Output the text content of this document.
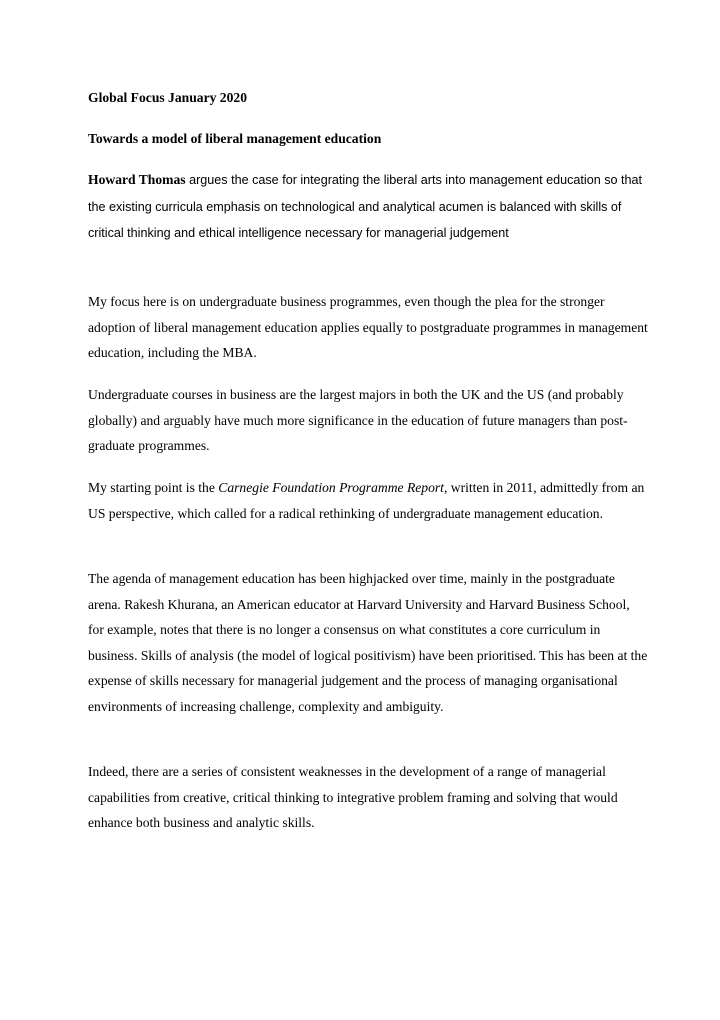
Global Focus January 2020

Towards a model of liberal management education

Howard Thomas argues the case for integrating the liberal arts into management education so that the existing curricula emphasis on technological and analytical acumen is balanced with skills of critical thinking and ethical intelligence necessary for managerial judgement

My focus here is on undergraduate business programmes, even though the plea for the stronger adoption of liberal management education applies equally to postgraduate programmes in management education, including the MBA.

Undergraduate courses in business are the largest majors in both the UK and the US (and probably globally) and arguably have much more significance in the education of future managers than post-graduate programmes.

My starting point is the Carnegie Foundation Programme Report, written in 2011, admittedly from an US perspective, which called for a radical rethinking of undergraduate management education.

The agenda of management education has been highjacked over time, mainly in the postgraduate arena. Rakesh Khurana, an American educator at Harvard University and Harvard Business School, for example, notes that there is no longer a consensus on what constitutes a core curriculum in business. Skills of analysis (the model of logical positivism) have been prioritised. This has been at the expense of skills necessary for managerial judgement and the process of managing organisational environments of increasing challenge, complexity and ambiguity.

Indeed, there are a series of consistent weaknesses in the development of a range of managerial capabilities from creative, critical thinking to integrative problem framing and solving that would enhance both business and analytic skills.
